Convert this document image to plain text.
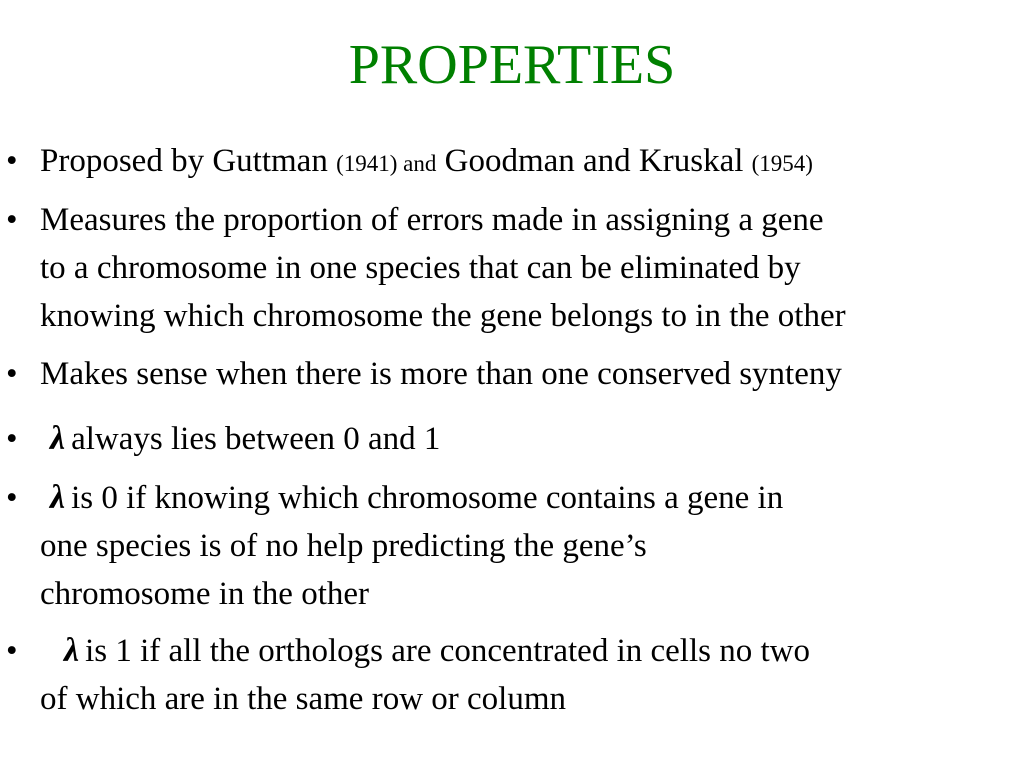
PROPERTIES
• Proposed by Guttman (1941) and Goodman and Kruskal (1954)
• Measures the proportion of errors made in assigning a gene
to a chromosome in one species that can be eliminated by
knowing which chromosome the gene belongs to in the other
• Makes sense when there is more than one conserved synteny
• λ always lies between 0 and 1
• λ is 0 if knowing which chromosome contains a gene in
one species is of no help predicting the gene’s
chromosome in the other
•	λ is 1 if all the orthologs are concentrated in cells no two
of which are in the same row or column
